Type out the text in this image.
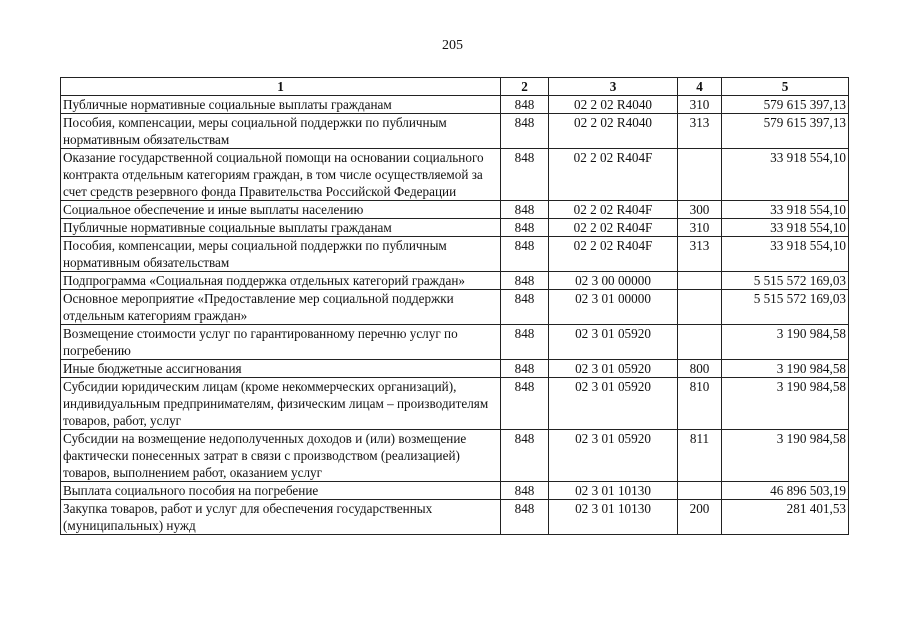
205
1	2	3	4	5
Публичные нормативные социальные выплаты гражданам	848	02 2 02 R4040	310	579 615 397,13
Пособия, компенсации, меры социальной поддержки по публичным нормативным обязательствам	848	02 2 02 R4040	313	579 615 397,13
Оказание государственной социальной помощи на основании социального контракта отдельным категориям граждан, в том числе осуществляемой за счет средств резервного фонда Правительства Российской Федерации	848	02 2 02 R404F		33 918 554,10
Социальное обеспечение и иные выплаты населению	848	02 2 02 R404F	300	33 918 554,10
Публичные нормативные социальные выплаты гражданам	848	02 2 02 R404F	310	33 918 554,10
Пособия, компенсации, меры социальной поддержки по публичным нормативным обязательствам	848	02 2 02 R404F	313	33 918 554,10
Подпрограмма «Социальная поддержка отдельных категорий граждан»	848	02 3 00 00000		5 515 572 169,03
Основное мероприятие «Предоставление мер социальной поддержки отдельным категориям граждан»	848	02 3 01 00000		5 515 572 169,03
Возмещение стоимости услуг по гарантированному перечню услуг по погребению	848	02 3 01 05920		3 190 984,58
Иные бюджетные ассигнования	848	02 3 01 05920	800	3 190 984,58
Субсидии юридическим лицам (кроме некоммерческих организаций), индивидуальным предпринимателям, физическим лицам – производителям товаров, работ, услуг	848	02 3 01 05920	810	3 190 984,58
Субсидии на возмещение недополученных доходов и (или) возмещение фактически понесенных затрат в связи с производством (реализацией) товаров, выполнением работ, оказанием услуг	848	02 3 01 05920	811	3 190 984,58
Выплата социального пособия на погребение	848	02 3 01 10130		46 896 503,19
Закупка товаров, работ и услуг для обеспечения государственных (муниципальных) нужд	848	02 3 01 10130	200	281 401,53
